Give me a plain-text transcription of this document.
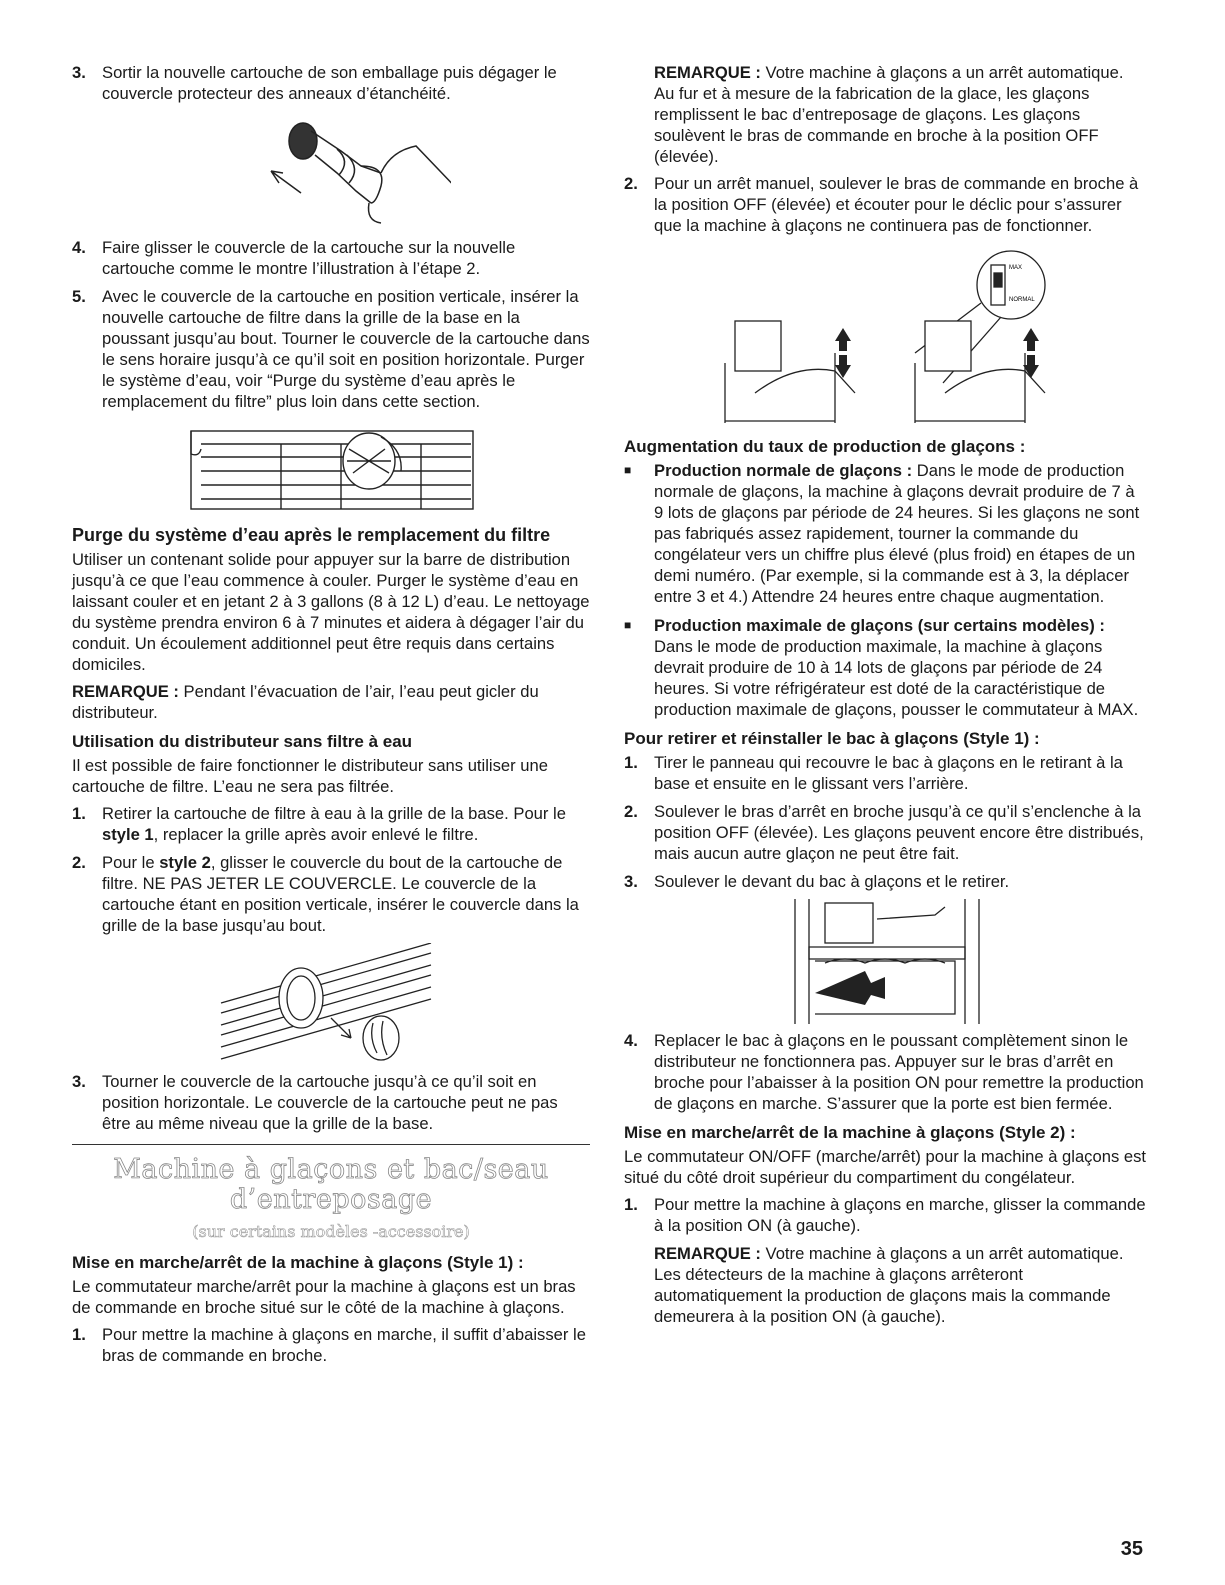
3. Sortir la nouvelle cartouche de son emballage puis dégager le couvercle protecteur des anneaux d’étanchéité.
4. Faire glisser le couvercle de la cartouche sur la nouvelle cartouche comme le montre l’illustration à l’étape 2.
5. Avec le couvercle de la cartouche en position verticale, insérer la nouvelle cartouche de filtre dans la grille de la base en la poussant jusqu’au bout. Tourner le couvercle de la cartouche dans le sens horaire jusqu’à ce qu’il soit en position horizontale. Purger le système d’eau, voir “Purge du système d’eau après le remplacement du filtre” plus loin dans cette section.
Purge du système d’eau après le remplacement du filtre

Utiliser un contenant solide pour appuyer sur la barre de distribution jusqu’à ce que l’eau commence à couler. Purger le système d’eau en laissant couler et en jetant 2 à 3 gallons (8 à 12 L) d’eau. Le nettoyage du système prendra environ 6 à 7 minutes et aidera à dégager l’air du conduit. Un écoulement additionnel peut être requis dans certains domiciles.

REMARQUE : Pendant l’évacuation de l’air, l’eau peut gicler du distributeur.

Utilisation du distributeur sans filtre à eau

Il est possible de faire fonctionner le distributeur sans utiliser une cartouche de filtre. L’eau ne sera pas filtrée.

1. Retirer la cartouche de filtre à eau à la grille de la base. Pour le style 1, replacer la grille après avoir enlevé le filtre.
2. Pour le style 2, glisser le couvercle du bout de la cartouche de filtre. NE PAS JETER LE COUVERCLE. Le couvercle de la cartouche étant en position verticale, insérer le couvercle dans la grille de la base jusqu’au bout.
3. Tourner le couvercle de la cartouche jusqu’à ce qu’il soit en position horizontale. Le couvercle de la cartouche peut ne pas être au même niveau que la grille de la base.
Machine à glaçons et bac/seau d’entreposage
(sur certains modèles -accessoire)
Mise en marche/arrêt de la machine à glaçons (Style 1) :

Le commutateur marche/arrêt pour la machine à glaçons est un bras de commande en broche situé sur le côté de la machine à glaçons.

1. Pour mettre la machine à glaçons en marche, il suffit d’abaisser le bras de commande en broche.

REMARQUE : Votre machine à glaçons a un arrêt automatique. Au fur et à mesure de la fabrication de la glace, les glaçons remplissent le bac d’entreposage de glaçons. Les glaçons soulèvent le bras de commande en broche à la position OFF (élevée).

2. Pour un arrêt manuel, soulever le bras de commande en broche à la position OFF (élevée) et écouter pour le déclic pour s’assurer que la machine à glaçons ne continuera pas de fonctionner.
MAX
NORMAL
Augmentation du taux de production de glaçons :
■	Production normale de glaçons : Dans le mode de production normale de glaçons, la machine à glaçons devrait produire de 7 à 9 lots de glaçons par période de 24 heures. Si les glaçons ne sont pas fabriqués assez rapidement, tourner la commande du congélateur vers un chiffre plus élevé (plus froid) en étapes de un demi numéro. (Par exemple, si la commande est à 3, la déplacer entre 3 et 4.) Attendre 24 heures entre chaque augmentation.
■	Production maximale de glaçons (sur certains modèles) : Dans le mode de production maximale, la machine à glaçons devrait produire de 10 à 14 lots de glaçons par période de 24 heures. Si votre réfrigérateur est doté de la caractéristique de production maximale de glaçons, pousser le commutateur à MAX.
Pour retirer et réinstaller le bac à glaçons (Style 1) :
1. Tirer le panneau qui recouvre le bac à glaçons en le retirant à la base et ensuite en le glissant vers l’arrière.
2. Soulever le bras d’arrêt en broche jusqu’à ce qu’il s’enclenche à la position OFF (élevée). Les glaçons peuvent encore être distribués, mais aucun autre glaçon ne peut être fait.
3. Soulever le devant du bac à glaçons et le retirer.
4. Replacer le bac à glaçons en le poussant complètement sinon le distributeur ne fonctionnera pas. Appuyer sur le bras d’arrêt en broche pour l’abaisser à la position ON pour remettre la production de glaçons en marche. S’assurer que la porte est bien fermée.
Mise en marche/arrêt de la machine à glaçons (Style 2) :

Le commutateur ON/OFF (marche/arrêt) pour la machine à glaçons est situé du côté droit supérieur du compartiment du congélateur.

1. Pour mettre la machine à glaçons en marche, glisser la commande à la position ON (à gauche).

REMARQUE : Votre machine à glaçons a un arrêt automatique. Les détecteurs de la machine à glaçons arrêteront automatiquement la production de glaçons mais la commande demeurera à la position ON (à gauche).

35
